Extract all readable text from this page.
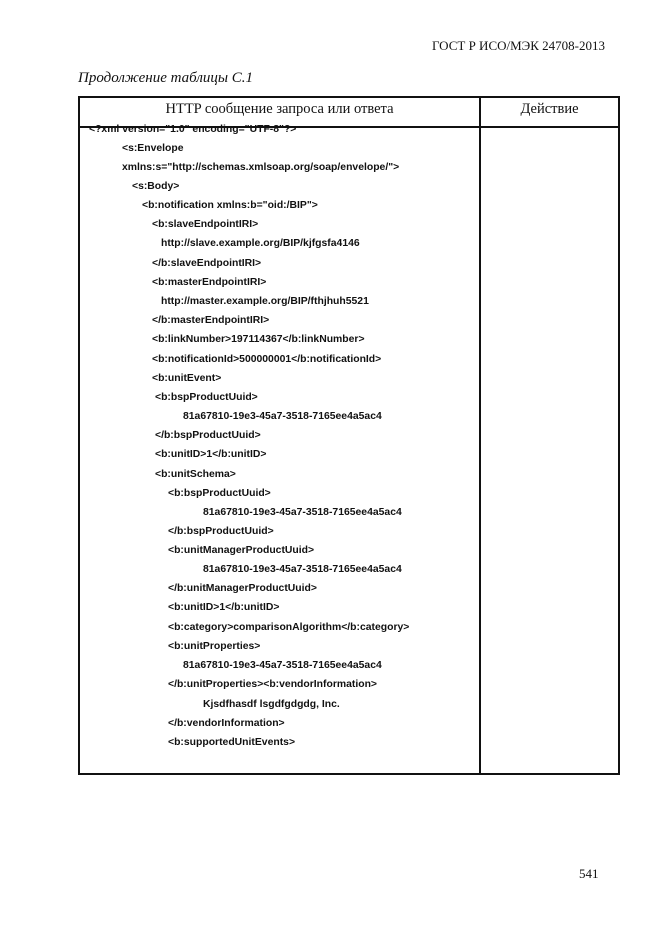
ГОСТ Р ИСО/МЭК 24708-2013
Продолжение таблицы С.1
HTTP сообщение запроса или ответа	Действие
<?xml version="1.0" encoding="UTF-8"?>
<s:Envelope
xmlns:s="http://schemas.xmlsoap.org/soap/envelope/">
<s:Body>
<b:notification xmlns:b="oid:/BIP">
<b:slaveEndpointIRI>
http://slave.example.org/BIP/kjfgsfa4146
</b:slaveEndpointIRI>
<b:masterEndpointIRI>
http://master.example.org/BIP/fthjhuh5521
</b:masterEndpointIRI>
<b:linkNumber>197114367</b:linkNumber>
<b:notificationId>500000001</b:notificationId>
<b:unitEvent>
<b:bspProductUuid>
81a67810-19e3-45a7-3518-7165ee4a5ac4
</b:bspProductUuid>
<b:unitID>1</b:unitID>
<b:unitSchema>
<b:bspProductUuid>
81a67810-19e3-45a7-3518-7165ee4a5ac4
</b:bspProductUuid>
<b:unitManagerProductUuid>
81a67810-19e3-45a7-3518-7165ee4a5ac4
</b:unitManagerProductUuid>
<b:unitID>1</b:unitID>
<b:category>comparisonAlgorithm</b:category>
<b:unitProperties>
81a67810-19e3-45a7-3518-7165ee4a5ac4
</b:unitProperties><b:vendorInformation>
Kjsdfhasdf lsgdfgdgdg, Inc.
</b:vendorInformation>
<b:supportedUnitEvents>
541
